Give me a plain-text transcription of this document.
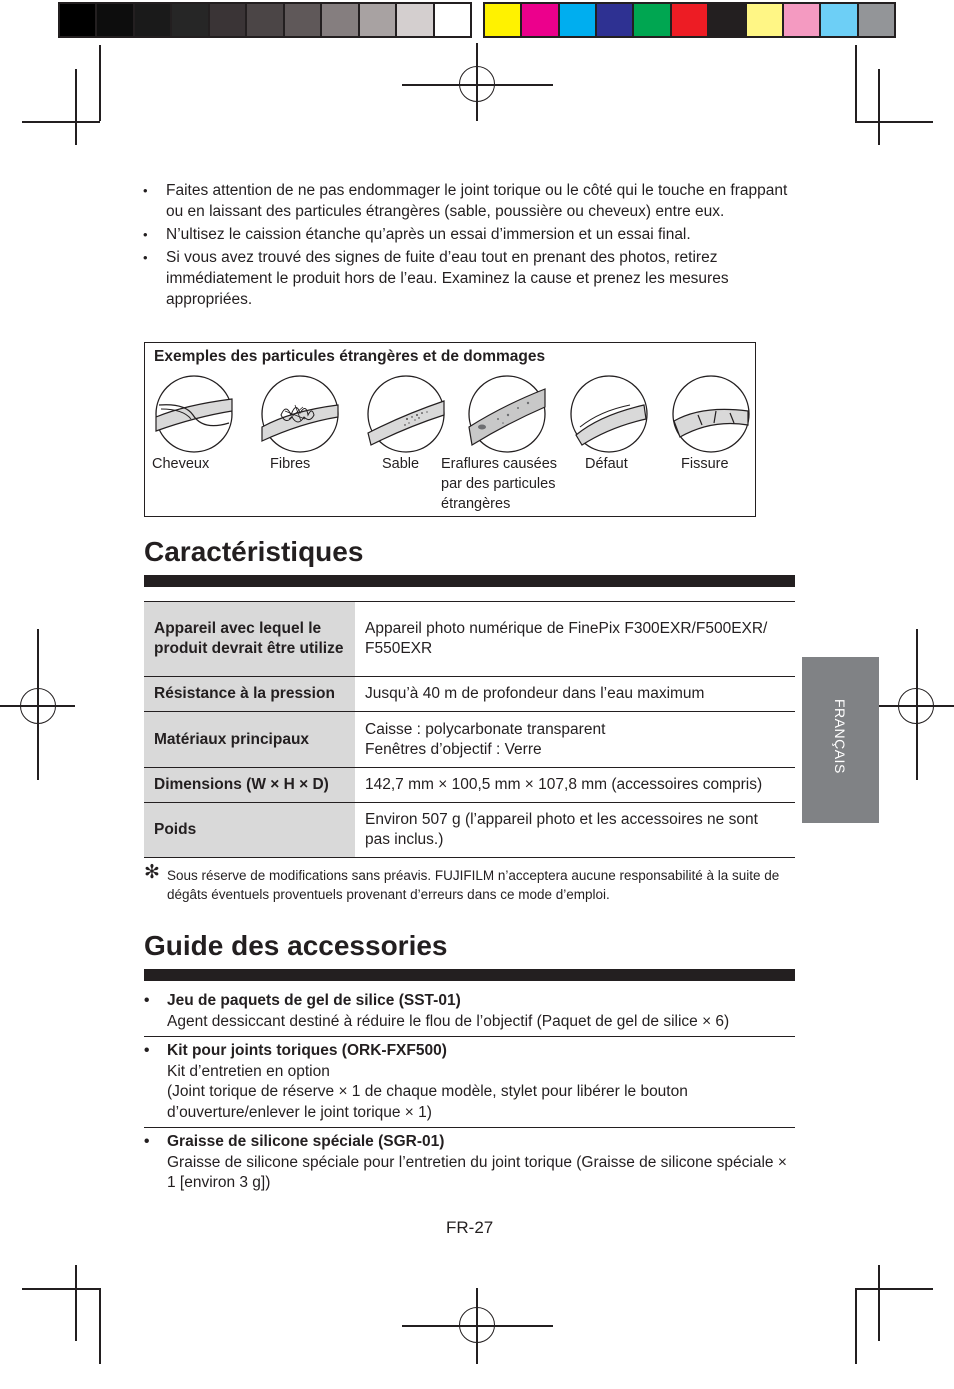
• Faites attention de ne pas endommager le joint torique ou le côté qui le touche en frappant ou en laissant des particules étrangères (sable, poussière ou cheveux) entre eux.
• N’ultisez le caission étanche qu’après un essai d’immersion et un essai final.
• Si vous avez trouvé des signes de fuite d’eau tout en prenant des photos, retirez immédiatement le produit hors de l’eau. Examinez la cause et prenez les mesures appropriées.
Exemples des particules étrangères et de dommages
Cheveux	Fibres	Sable Eraflures causées par des particules étrangères
Défaut	Fissure
Caractéristiques
Appareil avec lequel le produit devrait être utilize	Appareil photo numérique de FinePix F300EXR/F500EXR/ F550EXR
Résistance à la pression	Jusqu’à 40 m de profondeur dans l’eau maximum
Matériaux principaux	Caisse : polycarbonate transparent
Fenêtres d’objectif : Verre
Dimensions (W × H × D)	142,7 mm × 100,5 mm × 107,8 mm (accessoires compris)
Poids	Environ 507 g (l’appareil photo et les accessoires ne sont pas inclus.)
✻ Sous réserve de modifications sans préavis. FUJIFILM n’acceptera aucune responsabilité à la suite de dégâts éventuels proventuels provenant d’erreurs dans ce mode d’emploi.
Guide des accessories
• Jeu de paquets de gel de silice (SST-01)
Agent dessiccant destiné à réduire le flou de l’objectif (Paquet de gel de silice × 6)
• Kit pour joints toriques (ORK-FXF500)
Kit d’entretien en option
(Joint torique de réserve × 1 de chaque modèle, stylet pour libérer le bouton d’ouverture/enlever le joint torique × 1)
• Graisse de silicone spéciale (SGR-01)
Graisse de silicone spéciale pour l’entretien du joint torique (Graisse de silicone spéciale × 1 [environ 3 g])
FR-27
FRANÇAIS
